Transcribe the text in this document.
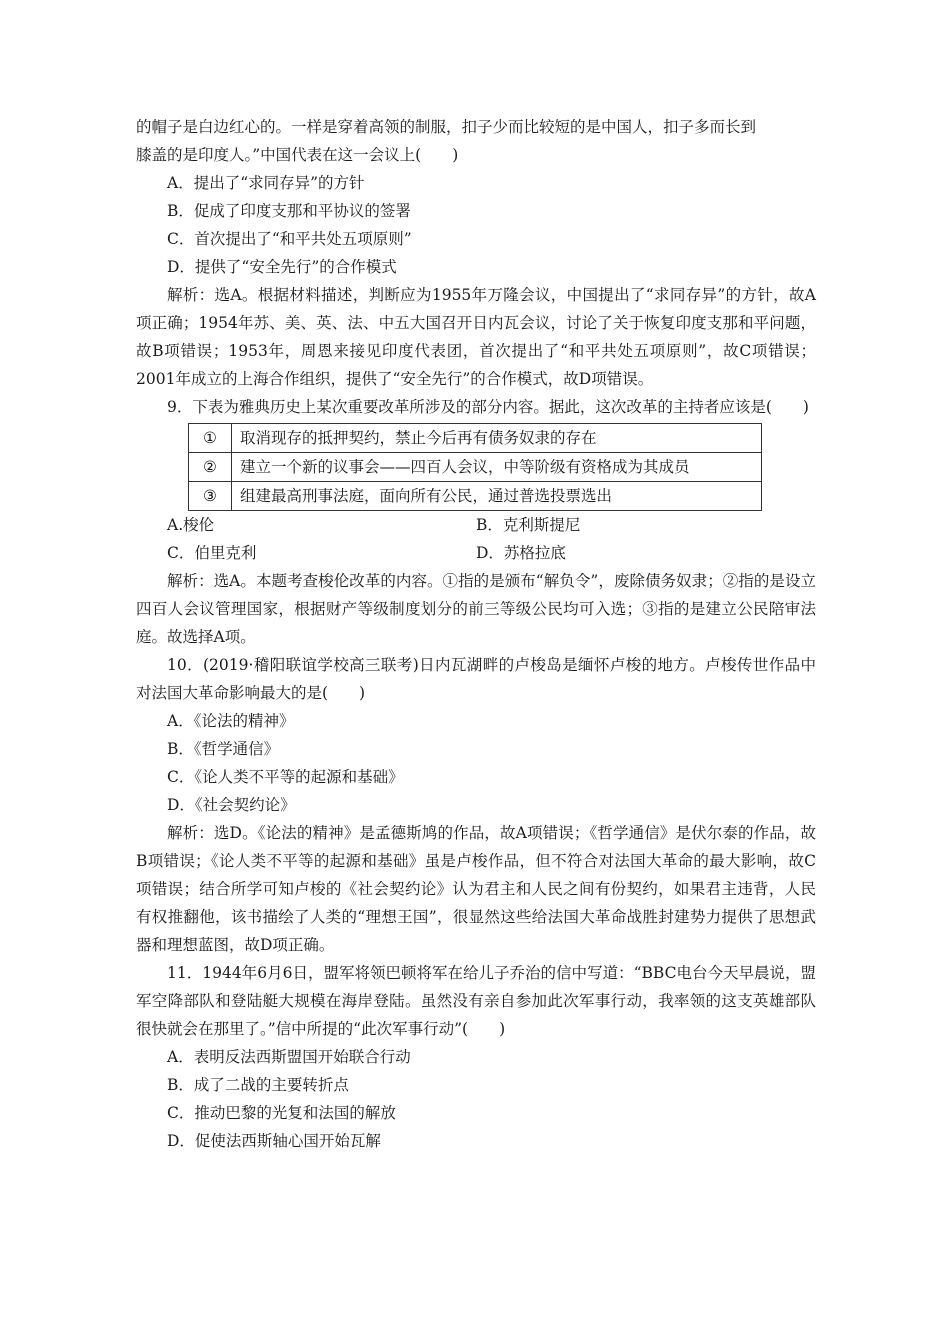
的帽子是白边红心的。一样是穿着高领的制服，扣子少而比较短的是中国人，扣子多而长到

膝盖的是印度人。”中国代表在这一会议上(　　)

A．提出了“求同存异”的方针

B．促成了印度支那和平协议的签署

C．首次提出了“和平共处五项原则”

D．提供了“安全先行”的合作模式

解析：选A。根据材料描述，判断应为1955年万隆会议，中国提出了“求同存异”的方针，故A项正确；1954年苏、美、英、法、中五大国召开日内瓦会议，讨论了关于恢复印度支那和平问题，故B项错误；1953年，周恩来接见印度代表团，首次提出了“和平共处五项原则”，故C项错误；2001年成立的上海合作组织，提供了“安全先行”的合作模式，故D项错误。

9．下表为雅典历史上某次重要改革所涉及的部分内容。据此，这次改革的主持者应该是(　　)

①	取消现存的抵押契约，禁止今后再有债务奴隶的存在
②	建立一个新的议事会——四百人会议，中等阶级有资格成为其成员
③	组建最高刑事法庭，面向所有公民，通过普选投票选出
A.梭伦	B．克利斯提尼
C．伯里克利	D．苏格拉底

解析：选A。本题考查梭伦改革的内容。①指的是颁布“解负令”，废除债务奴隶；②指的是设立四百人会议管理国家，根据财产等级制度划分的前三等级公民均可入选；③指的是建立公民陪审法庭。故选择A项。

10．(2019·稽阳联谊学校高三联考)日内瓦湖畔的卢梭岛是缅怀卢梭的地方。卢梭传世作品中对法国大革命影响最大的是(　　)

A．《论法的精神》

B．《哲学通信》

C．《论人类不平等的起源和基础》

D．《社会契约论》

解析：选D。《论法的精神》是孟德斯鸠的作品，故A项错误；《哲学通信》是伏尔泰的作品，故B项错误；《论人类不平等的起源和基础》虽是卢梭作品，但不符合对法国大革命的最大影响，故C项错误；结合所学可知卢梭的《社会契约论》认为君主和人民之间有份契约，如果君主违背，人民有权推翻他，该书描绘了人类的“理想王国”，很显然这些给法国大革命战胜封建势力提供了思想武器和理想蓝图，故D项正确。

11．1944年6月6日，盟军将领巴顿将军在给儿子乔治的信中写道：“BBC电台今天早晨说，盟军空降部队和登陆艇大规模在海岸登陆。虽然没有亲自参加此次军事行动，我率领的这支英雄部队很快就会在那里了。”信中所提的“此次军事行动”(　　)

A．表明反法西斯盟国开始联合行动

B．成了二战的主要转折点

C．推动巴黎的光复和法国的解放

D．促使法西斯轴心国开始瓦解
